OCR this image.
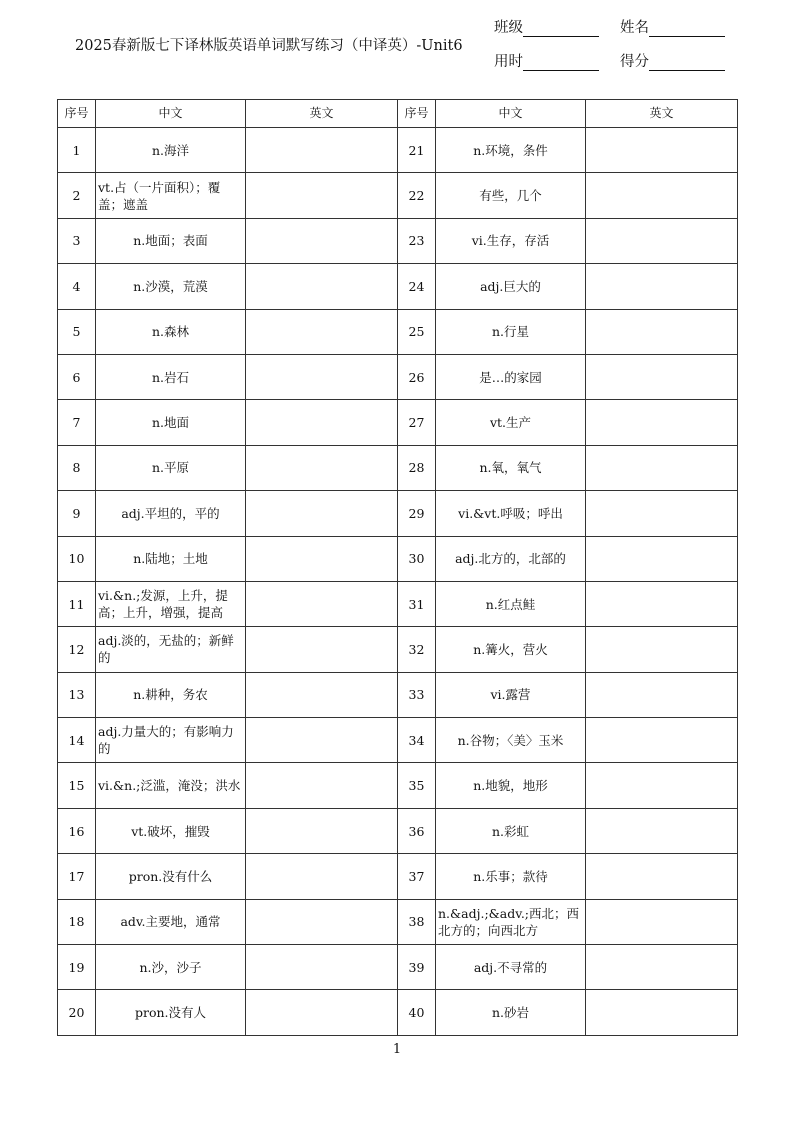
2025春新版七下译林版英语单词默写练习（中译英）-Unit6
班级	姓名
用时	得分
序号	中文	英文	序号	中文	英文
1	n.海洋		21	n.环境，条件	
2	vt.占（一片面积）；覆盖；遮盖		22	有些，几个	
3	n.地面；表面		23	vi.生存，存活	
4	n.沙漠，荒漠		24	adj.巨大的	
5	n.森林		25	n.行星	
6	n.岩石		26	是…的家园	
7	n.地面		27	vt.生产	
8	n.平原		28	n.氧，氧气	
9	adj.平坦的，平的		29	vi.&vt.呼吸；呼出	
10	n.陆地；土地		30	adj.北方的，北部的	
11	vi.&n.;发源，上升，提高；上升，增强，提高		31	n.红点鲑	
12	adj.淡的，无盐的；新鲜的		32	n.篝火，营火	
13	n.耕种，务农		33	vi.露营	
14	adj.力量大的；有影响力的		34	n.谷物；〈美〉玉米	
15	vi.&n.;泛滥，淹没；洪水		35	n.地貌，地形	
16	vt.破坏，摧毁		36	n.彩虹	
17	pron.没有什么		37	n.乐事；款待	
18	adv.主要地，通常		38	n.&adj.;&adv.;西北；西北方的；向西北方	
19	n.沙，沙子		39	adj.不寻常的	
20	pron.没有人		40	n.砂岩	
1
